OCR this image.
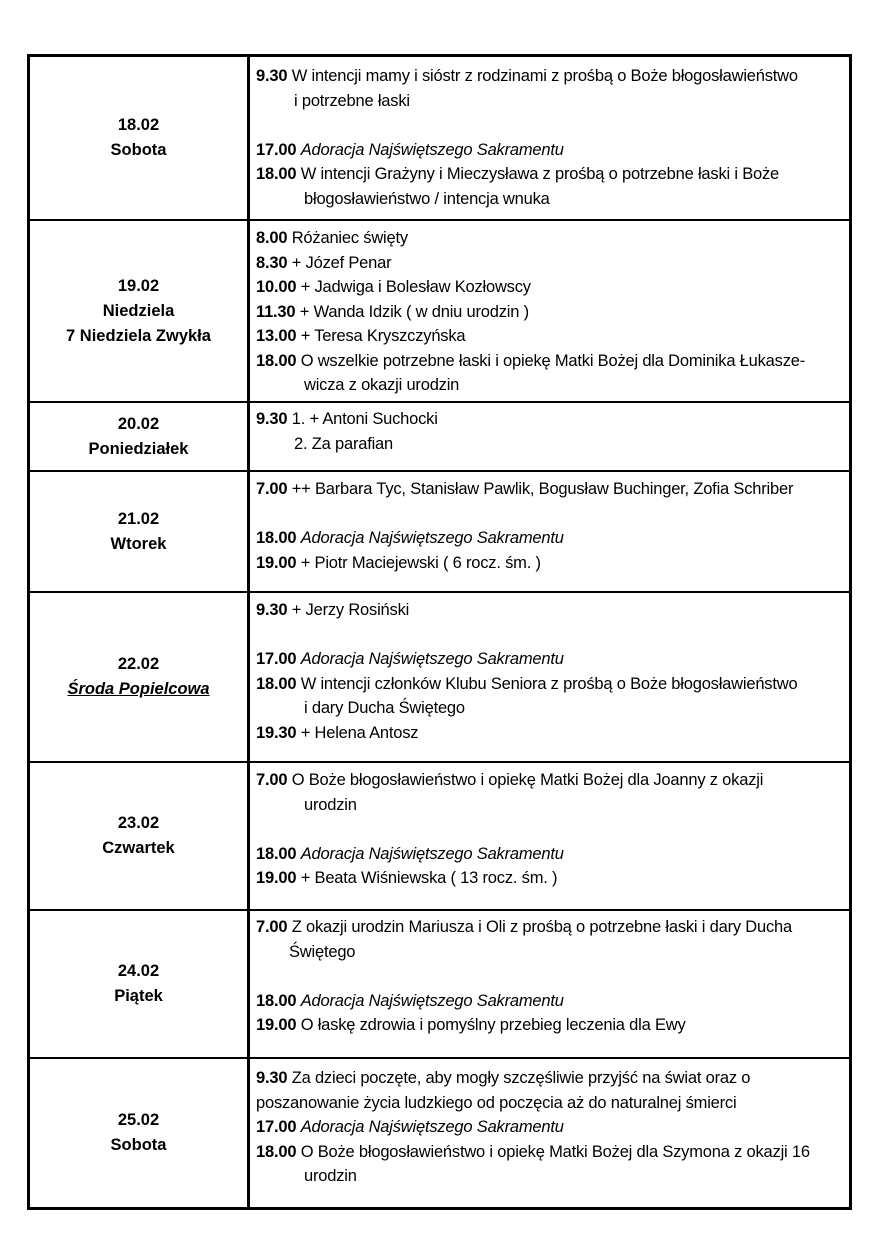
18.02
Sobota
9.30 W intencji mamy i sióstr z rodzinami z prośbą o Boże błogosławieństwo
i potrzebne łaski
17.00 Adoracja Najświętszego Sakramentu
18.00 W intencji Grażyny i Mieczysława z prośbą o potrzebne łaski i Boże
błogosławieństwo / intencja wnuka
19.02
Niedziela
7 Niedziela Zwykła
8.00 Różaniec święty
8.30 + Józef Penar
10.00 + Jadwiga i Bolesław Kozłowscy
11.30 + Wanda Idzik ( w dniu urodzin )
13.00 + Teresa Kryszczyńska
18.00 O wszelkie potrzebne łaski i opiekę Matki Bożej dla Dominika Łukasze-
wicza z okazji urodzin
20.02
Poniedziałek
9.30 1. + Antoni Suchocki
2. Za parafian
21.02
Wtorek
7.00 ++ Barbara Tyc, Stanisław Pawlik, Bogusław Buchinger, Zofia Schriber
18.00 Adoracja Najświętszego Sakramentu
19.00 + Piotr Maciejewski ( 6 rocz. śm. )
22.02
Środa Popielcowa
9.30 + Jerzy Rosiński
17.00 Adoracja Najświętszego Sakramentu
18.00 W intencji członków Klubu Seniora z prośbą o Boże błogosławieństwo
i dary Ducha Świętego
19.30 + Helena Antosz
23.02
Czwartek
7.00 O Boże błogosławieństwo i opiekę Matki Bożej dla Joanny z okazji
urodzin
18.00 Adoracja Najświętszego Sakramentu
19.00 + Beata Wiśniewska ( 13 rocz. śm. )
24.02
Piątek
7.00 Z okazji urodzin Mariusza i Oli z prośbą o potrzebne łaski i dary Ducha
Świętego
18.00 Adoracja Najświętszego Sakramentu
19.00 O łaskę zdrowia i pomyślny przebieg leczenia dla Ewy
25.02
Sobota
9.30 Za dzieci poczęte, aby mogły szczęśliwie przyjść na świat oraz o
poszanowanie życia ludzkiego od poczęcia aż do naturalnej śmierci
17.00 Adoracja Najświętszego Sakramentu
18.00 O Boże błogosławieństwo i opiekę Matki Bożej dla Szymona z okazji 16
urodzin
